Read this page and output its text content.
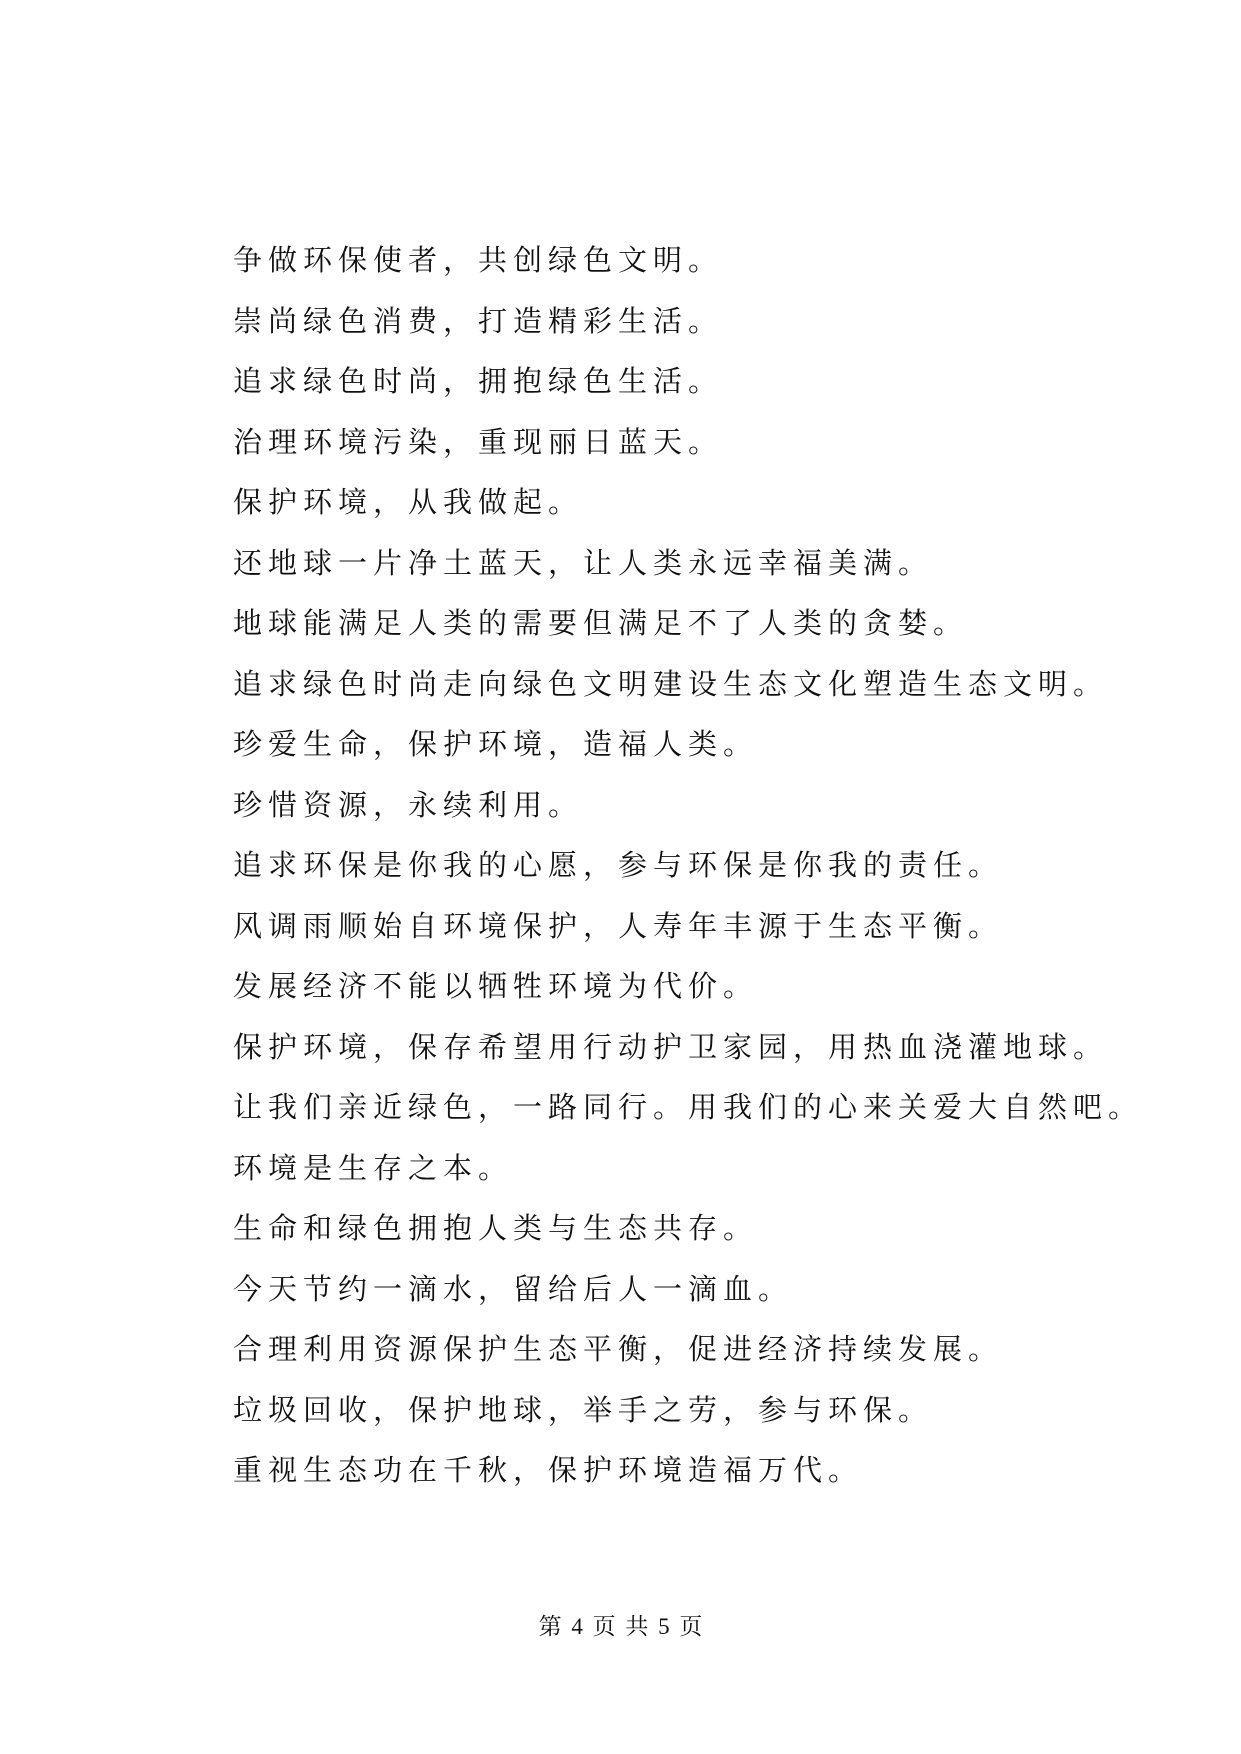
争做环保使者，共创绿色文明。
崇尚绿色消费，打造精彩生活。
追求绿色时尚，拥抱绿色生活。
治理环境污染，重现丽日蓝天。
保护环境，从我做起。
还地球一片净土蓝天，让人类永远幸福美满。
地球能满足人类的需要但满足不了人类的贪婪。
追求绿色时尚走向绿色文明建设生态文化塑造生态文明。
珍爱生命，保护环境，造福人类。
珍惜资源，永续利用。
追求环保是你我的心愿，参与环保是你我的责任。
风调雨顺始自环境保护，人寿年丰源于生态平衡。
发展经济不能以牺牲环境为代价。
保护环境，保存希望用行动护卫家园，用热血浇灌地球。
让我们亲近绿色，一路同行。用我们的心来关爱大自然吧。
环境是生存之本。
生命和绿色拥抱人类与生态共存。
今天节约一滴水，留给后人一滴血。
合理利用资源保护生态平衡，促进经济持续发展。
垃圾回收，保护地球，举手之劳，参与环保。
重视生态功在千秋，保护环境造福万代。
第 4 页 共 5 页
